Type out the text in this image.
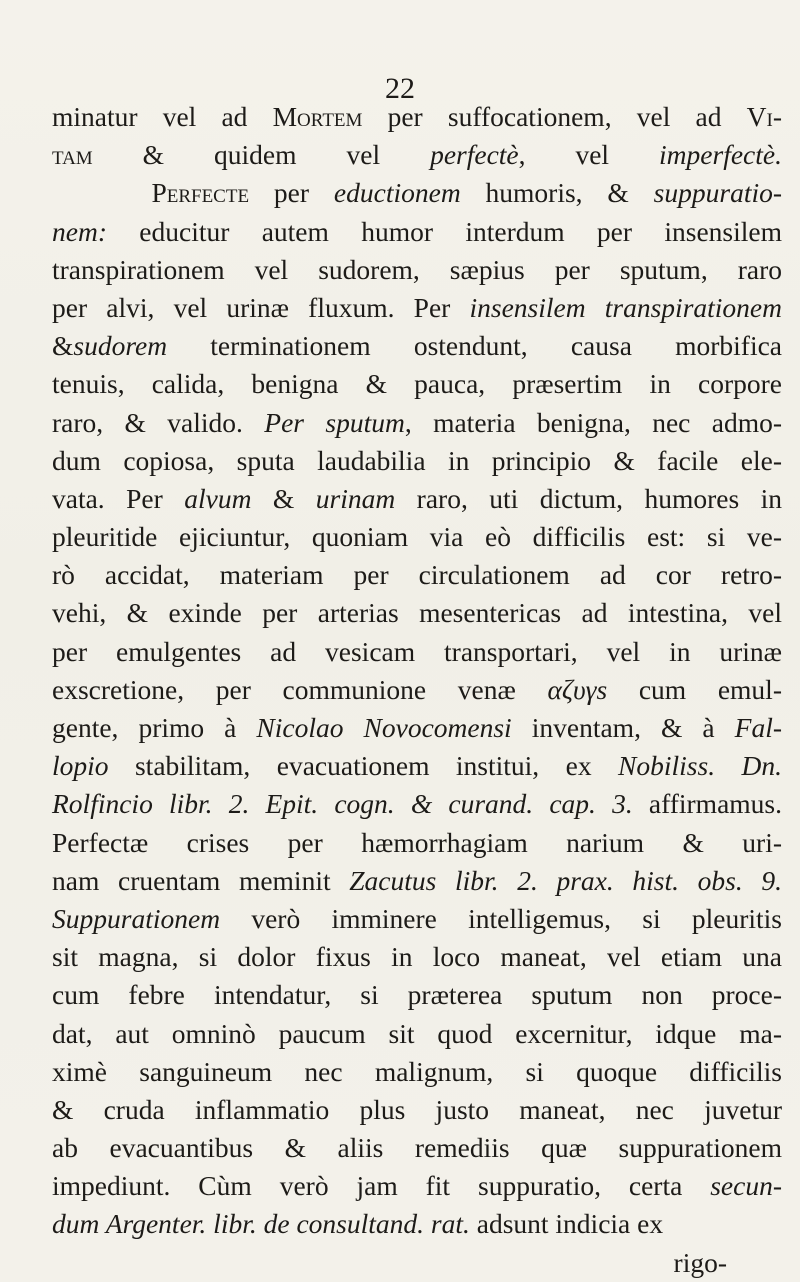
22
minatur vel ad Mortem per suffocationem, vel ad Vi-
tam & quidem vel perfectè, vel imperfectè.
Perfecte per eductionem humoris, & suppuratio-
nem: educitur autem humor interdum per insensilem
transpirationem vel sudorem, sæpius per sputum, raro
per alvi, vel urinæ fluxum. Per insensilem transpirationem
&sudorem terminationem ostendunt, causa morbifica
tenuis, calida, benigna & pauca, præsertim in corpore
raro, & valido. Per sputum, materia benigna, nec admo-
dum copiosa, sputa laudabilia in principio & facile ele-
vata. Per alvum & urinam raro, uti dictum, humores in
pleuritide ejiciuntur, quoniam via eò difficilis est: si ve-
rò accidat, materiam per circulationem ad cor retro-
vehi, & exinde per arterias mesentericas ad intestina, vel
per emulgentes ad vesicam transportari, vel in urinæ
exscretione, per communione venæ αζυγs cum emul-
gente, primo à Nicolao Novocomensi inventam, & à Fal-
lopio stabilitam, evacuationem institui, ex Nobiliss. Dn.
Rolfincio libr. 2. Epit. cogn. & curand. cap. 3. affirmamus.
Perfectæ crises per hæmorrhagiam narium & uri-
nam cruentam meminit Zacutus libr. 2. prax. hist. obs. 9.
Suppurationem verò imminere intelligemus, si pleuritis
sit magna, si dolor fixus in loco maneat, vel etiam una
cum febre intendatur, si præterea sputum non proce-
dat, aut omninò paucum sit quod excernitur, idque ma-
ximè sanguineum nec malignum, si quoque difficilis
& cruda inflammatio plus justo maneat, nec juvetur
ab evacuantibus & aliis remediis quæ suppurationem
impediunt. Cùm verò jam fit suppuratio, certa secun-
dum Argenter. libr. de consultand. rat. adsunt indicia ex
rigo-
